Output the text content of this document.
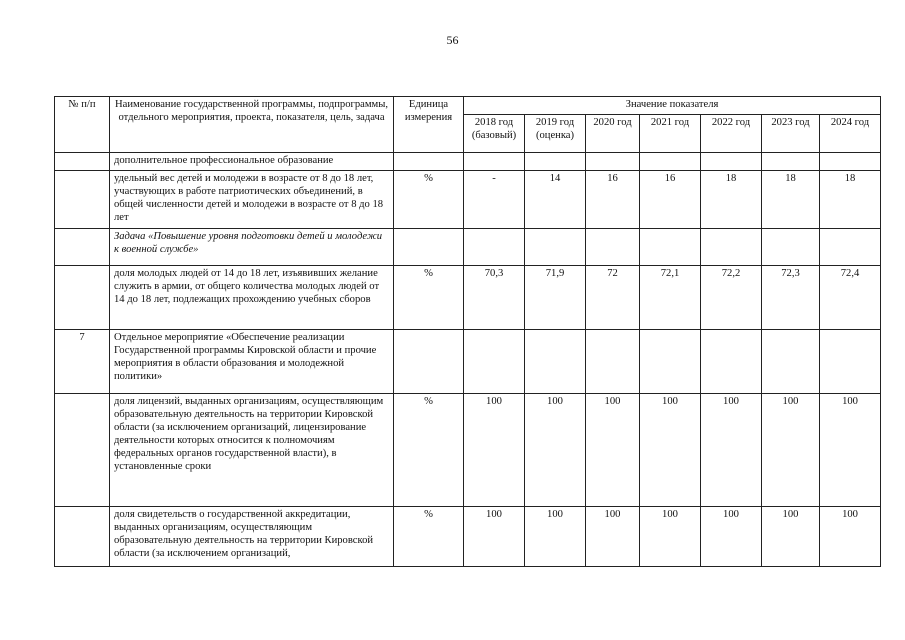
56
№ п/п	Наименование государственной программы, подпрограммы, отдельного мероприятия, проекта, показателя, цель, задача	Единица измерения	Значение показателя						
			2018 год (базовый)	2019 год (оценка)	2020 год	2021 год	2022 год	2023 год	2024 год
	дополнительное профессиональное образование								
	удельный вес детей и молодежи в возрасте от 8 до 18 лет, участвующих в работе патриотических объединений, в общей численности детей и молодежи в возрасте от 8 до 18 лет	%	-	14	16	16	18	18	18
	Задача «Повышение уровня подготовки детей и молодежи к военной службе»								
	доля молодых людей от 14 до 18 лет, изъявивших желание служить в армии, от общего количества молодых людей от 14 до 18 лет, подлежащих прохождению учебных сборов	%	70,3	71,9	72	72,1	72,2	72,3	72,4
7	Отдельное мероприятие «Обеспечение реализации Государственной программы Кировской области и прочие мероприятия в области образования и молодежной политики»								
	доля лицензий, выданных организациям, осуществляющим образовательную деятельность на территории Кировской области (за исключением организаций, лицензирование деятельности которых относится к полномочиям федеральных органов государственной власти), в установленные сроки	%	100	100	100	100	100	100	100
	доля свидетельств о государственной аккредитации, выданных организациям, осуществляющим образовательную деятельность на территории Кировской области (за исключением организаций,	%	100	100	100	100	100	100	100
